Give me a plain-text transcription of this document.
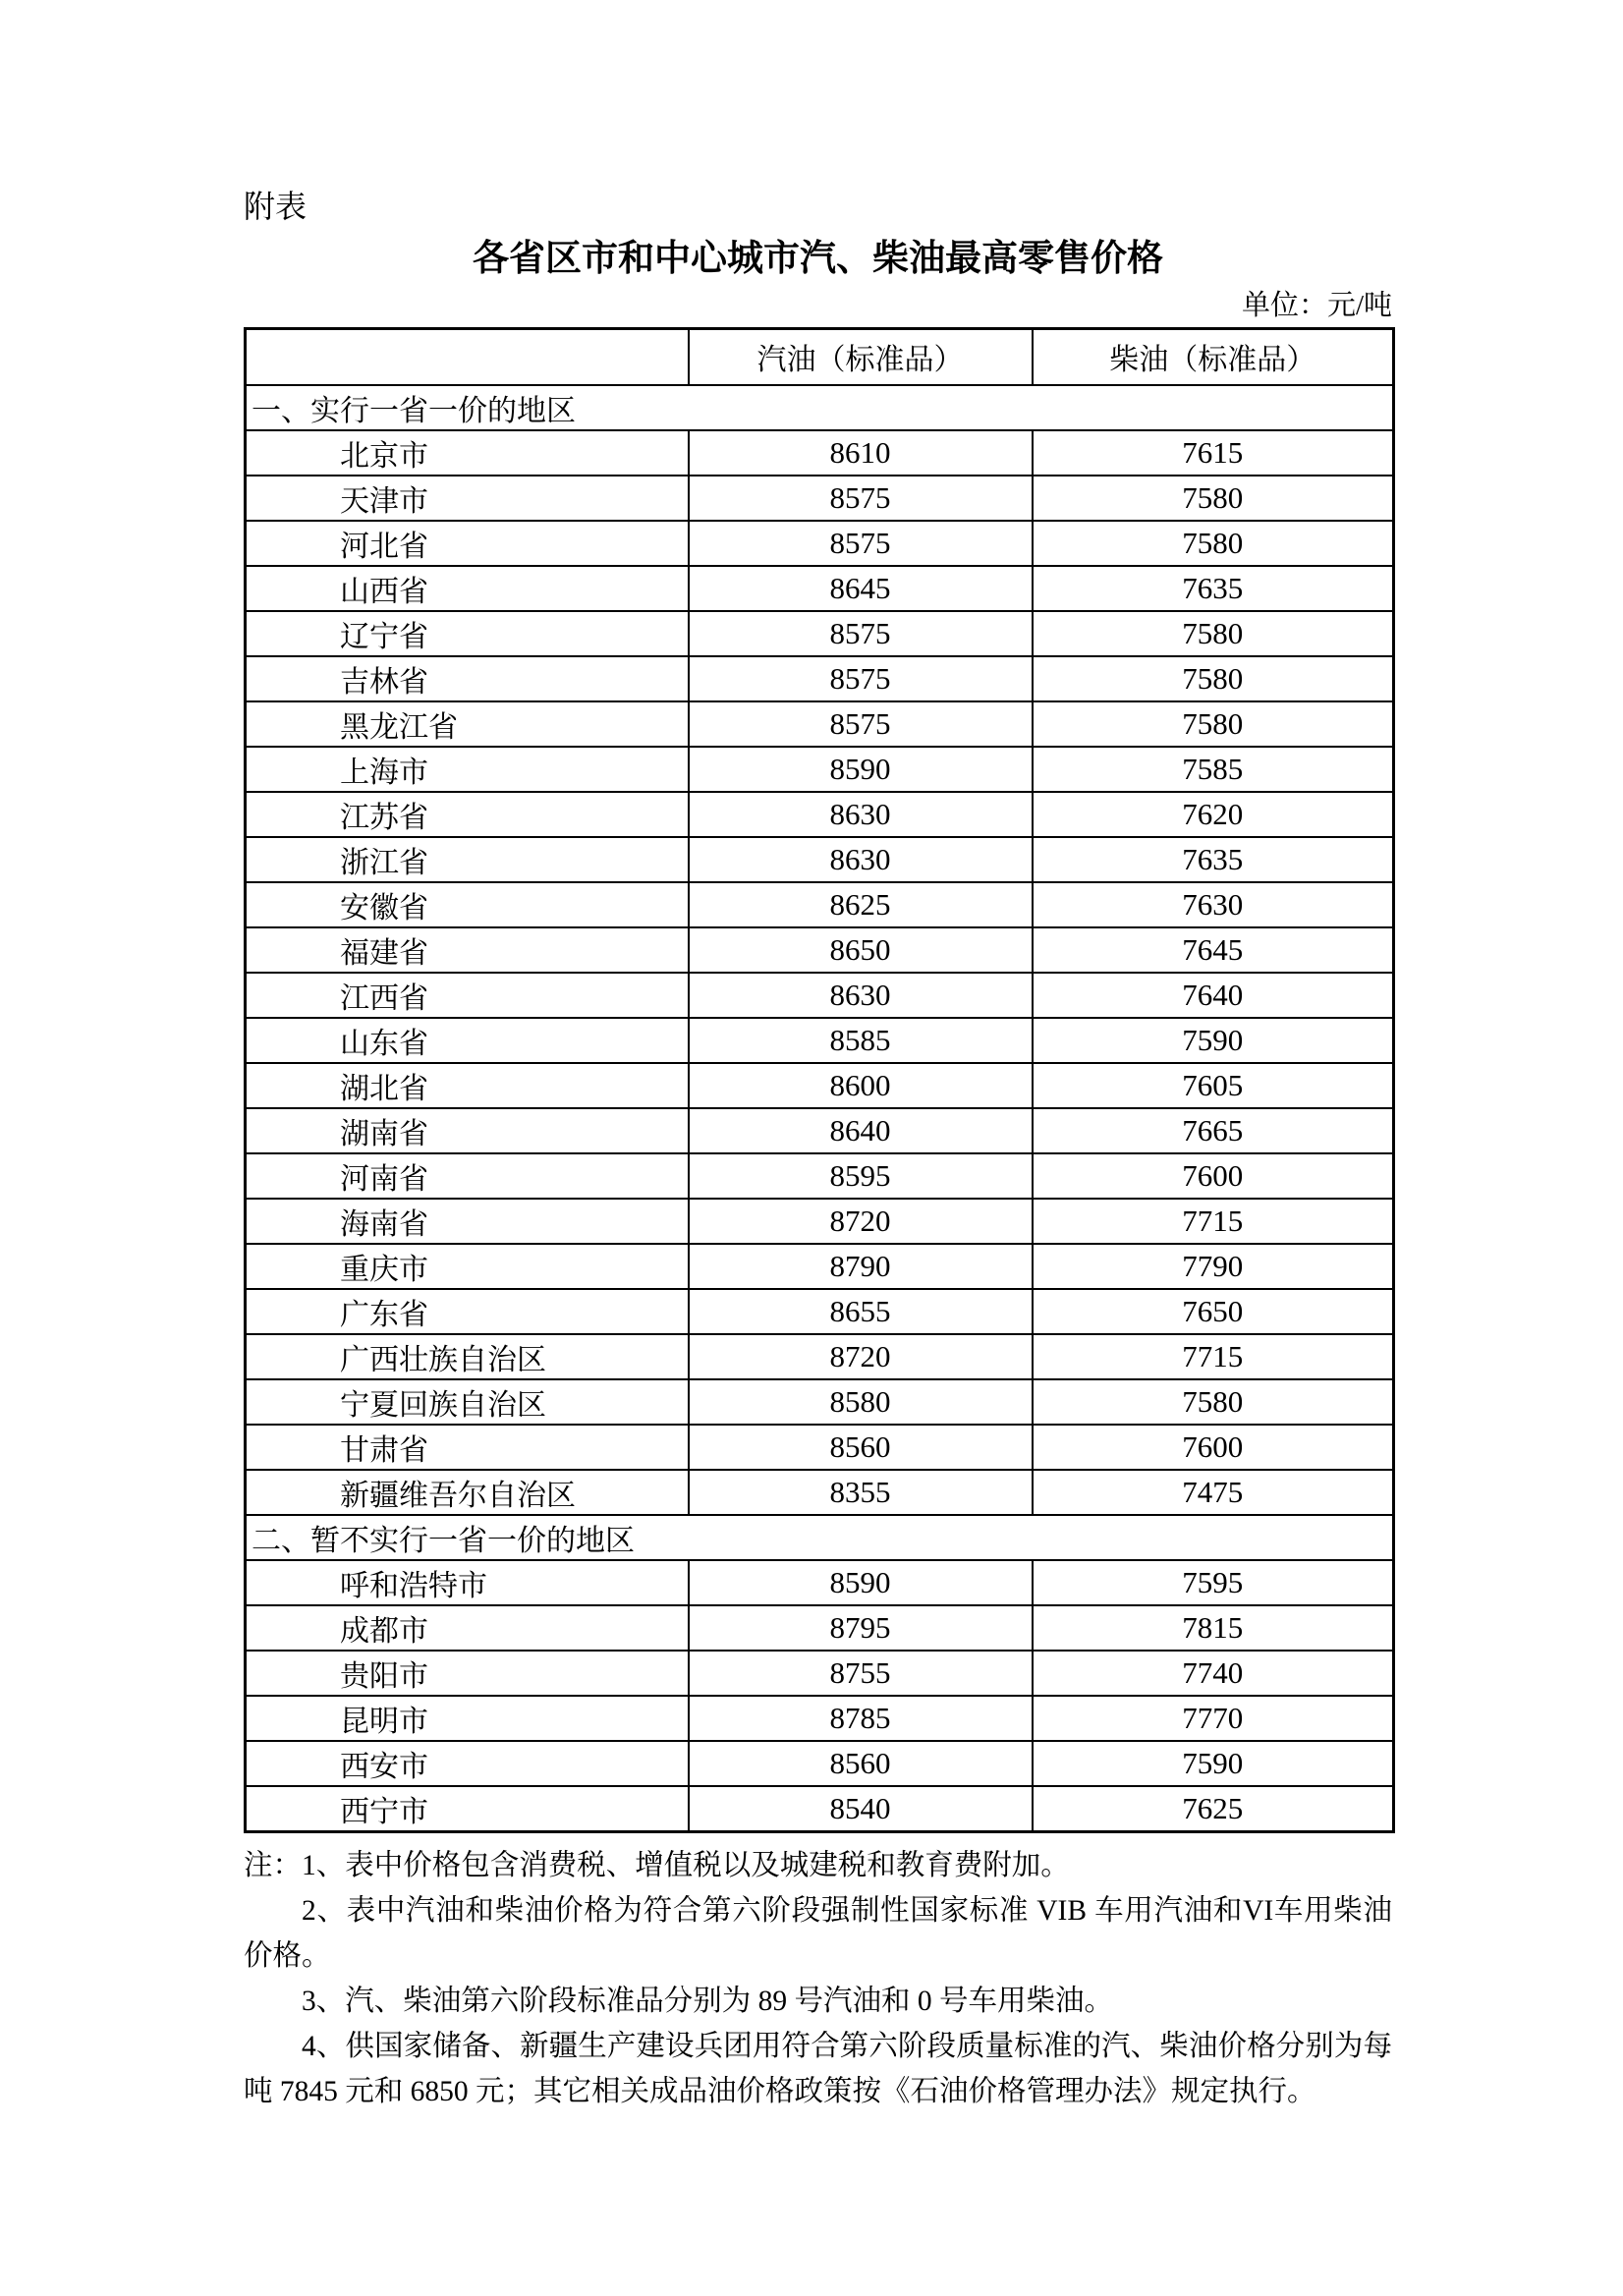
附表
各省区市和中心城市汽、柴油最高零售价格
单位：元/吨
	汽油（标准品）	柴油（标准品）
一、实行一省一价的地区		
北京市	8610	7615
天津市	8575	7580
河北省	8575	7580
山西省	8645	7635
辽宁省	8575	7580
吉林省	8575	7580
黑龙江省	8575	7580
上海市	8590	7585
江苏省	8630	7620
浙江省	8630	7635
安徽省	8625	7630
福建省	8650	7645
江西省	8630	7640
山东省	8585	7590
湖北省	8600	7605
湖南省	8640	7665
河南省	8595	7600
海南省	8720	7715
重庆市	8790	7790
广东省	8655	7650
广西壮族自治区	8720	7715
宁夏回族自治区	8580	7580
甘肃省	8560	7600
新疆维吾尔自治区	8355	7475
二、暂不实行一省一价的地区		
呼和浩特市	8590	7595
成都市	8795	7815
贵阳市	8755	7740
昆明市	8785	7770
西安市	8560	7590
西宁市	8540	7625

注：1、表中价格包含消费税、增值税以及城建税和教育费附加。

2、表中汽油和柴油价格为符合第六阶段强制性国家标准 VIB 车用汽油和VI车用柴油价格。

3、汽、柴油第六阶段标准品分别为 89 号汽油和 0 号车用柴油。

4、供国家储备、新疆生产建设兵团用符合第六阶段质量标准的汽、柴油价格分别为每吨 7845 元和 6850 元；其它相关成品油价格政策按《石油价格管理办法》规定执行。
